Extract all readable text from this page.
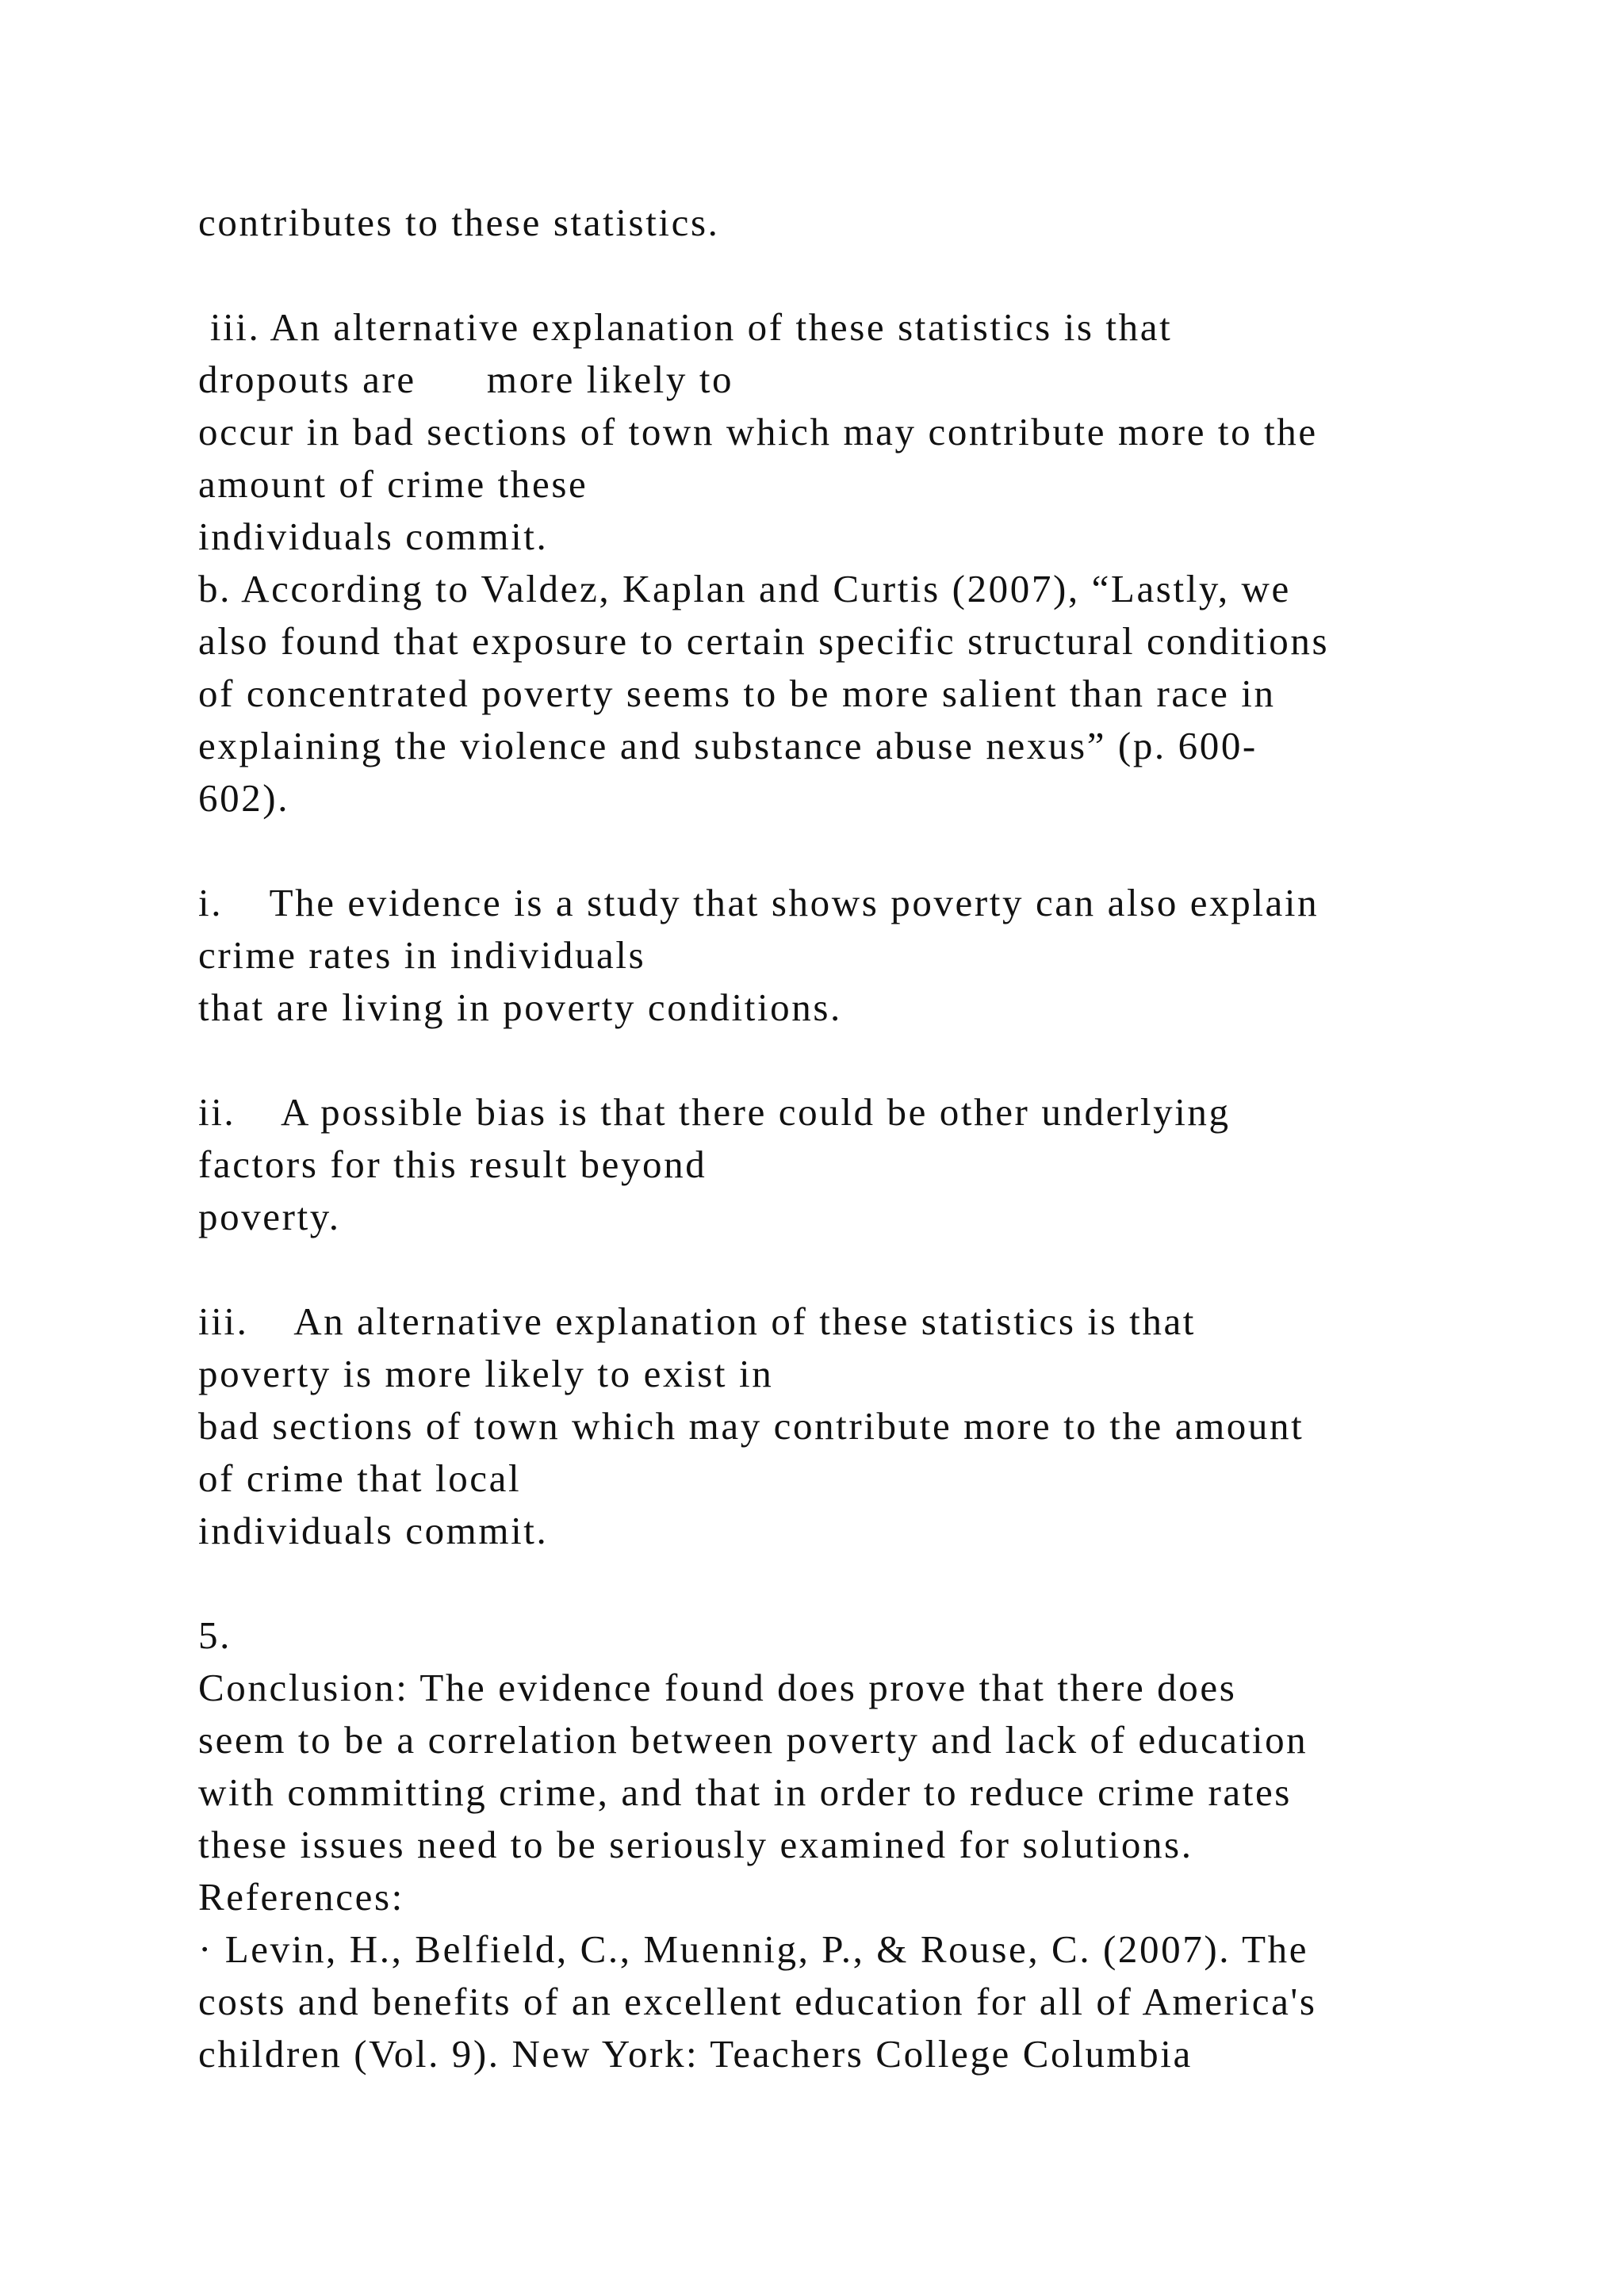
contributes to these statistics.
iii. An alternative explanation of these statistics is that
dropouts are      more likely to
occur in bad sections of town which may contribute more to the
amount of crime these
individuals commit.
b. According to Valdez, Kaplan and Curtis (2007), “Lastly, we
also found that exposure to certain specific structural conditions
of concentrated poverty seems to be more salient than race in
explaining the violence and substance abuse nexus” (p. 600-
602).
i.    The evidence is a study that shows poverty can also explain
crime rates in individuals
that are living in poverty conditions.
ii.    A possible bias is that there could be other underlying
factors for this result beyond
poverty.
iii.    An alternative explanation of these statistics is that
poverty is more likely to exist in
bad sections of town which may contribute more to the amount
of crime that local
individuals commit.
5.
Conclusion: The evidence found does prove that there does
seem to be a correlation between poverty and lack of education
with committing crime, and that in order to reduce crime rates
these issues need to be seriously examined for solutions.
References:
· Levin, H., Belfield, C., Muennig, P., & Rouse, C. (2007). The
costs and benefits of an excellent education for all of America's
children (Vol. 9). New York: Teachers College Columbia
